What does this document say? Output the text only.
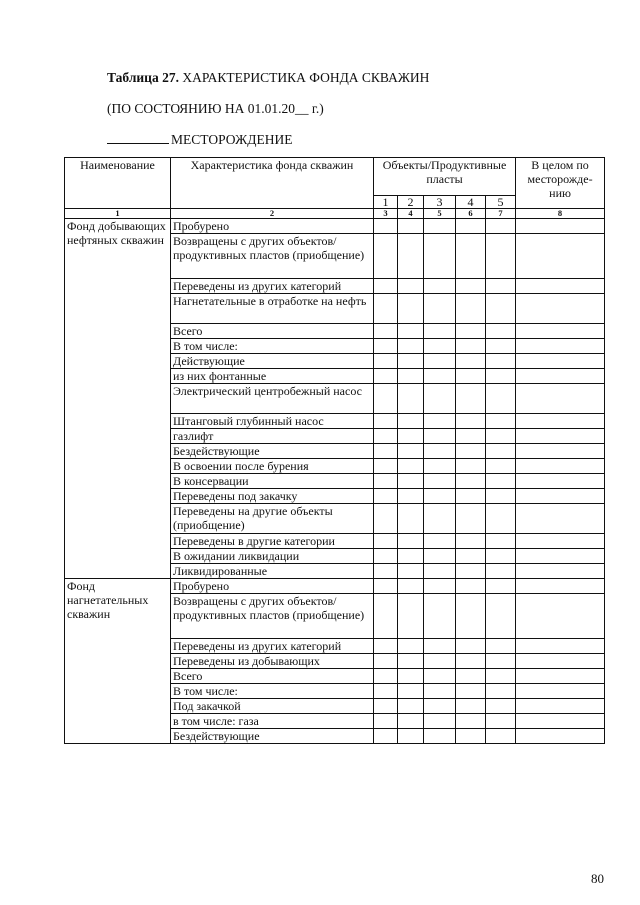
Таблица 27. ХАРАКТЕРИСТИКА ФОНДА СКВАЖИН
(ПО СОСТОЯНИЮ НА 01.01.20__ г.)
МЕСТОРОЖДЕНИЕ
Наименование	Характеристика фонда скважин	Объекты/Продуктивные пласты					В целом по месторожде-нию
		1	2	3	4	5	
1	2	3	4	5	6	7	8
Фонд добывающих нефтяных скважин	Пробурено						
	Возвращены с других объектов/продуктивных пластов (приобщение)						
	Переведены из других категорий						
	Нагнетательные в отработке на нефть						
	Всего						
	В том числе:						
	Действующие						
	из них фонтанные						
	Электрический центробежный насос						
	Штанговый глубинный насос						
	газлифт						
	Бездействующие						
	В освоении после бурения						
	В консервации						
	Переведены под закачку						
	Переведены на другие объекты (приобщение)						
	Переведены в другие категории						
	В ожидании ликвидации						
	Ликвидированные						
Фонд нагнетательных скважин	Пробурено						
	Возвращены с других объектов/продуктивных пластов (приобщение)						
	Переведены из других категорий						
	Переведены из добывающих						
	Всего						
	В том числе:						
	Под закачкой						
	в том числе: газа						
	Бездействующие						
80
